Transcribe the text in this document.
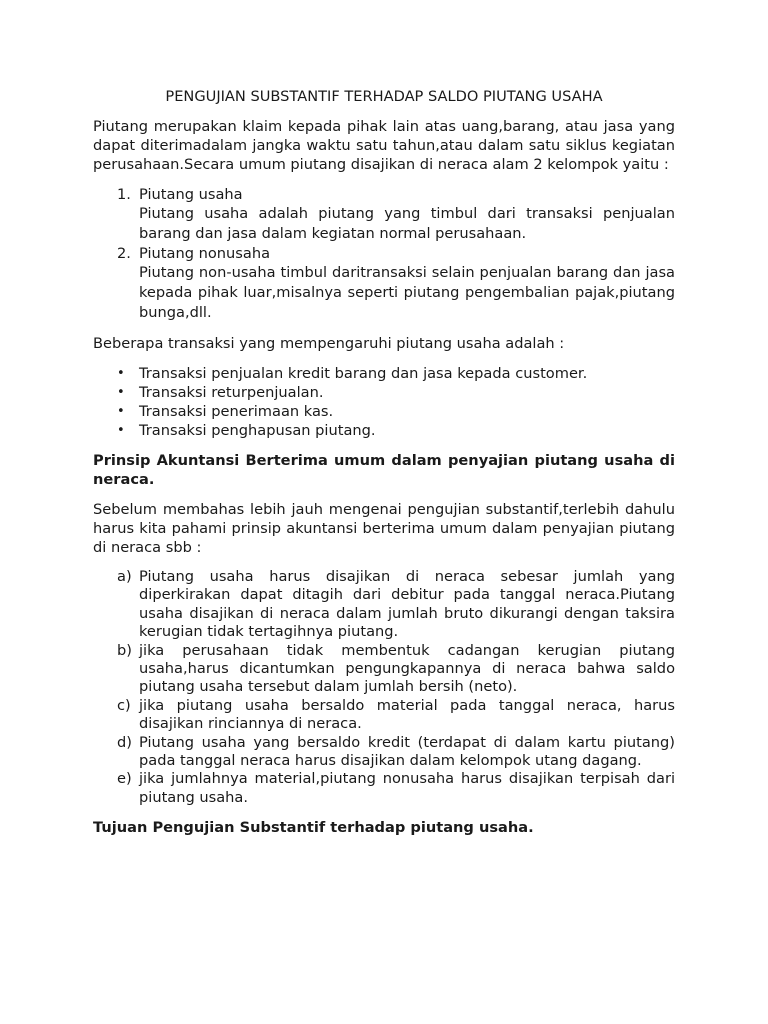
PENGUJIAN SUBSTANTIF TERHADAP SALDO PIUTANG USAHA

Piutang merupakan klaim kepada pihak lain atas uang,barang, atau jasa yang dapat diterimadalam jangka waktu satu tahun,atau dalam satu siklus kegiatan perusahaan.Secara umum piutang disajikan di neraca alam 2 kelompok yaitu :

1. Piutang usaha
Piutang usaha adalah piutang yang timbul dari transaksi penjualan barang dan jasa dalam kegiatan normal perusahaan.
2. Piutang nonusaha
Piutang non-usaha timbul daritransaksi selain penjualan barang dan jasa kepada pihak luar,misalnya seperti piutang pengembalian pajak,piutang bunga,dll.

Beberapa transaksi yang mempengaruhi piutang usaha adalah :

• Transaksi penjualan kredit barang dan jasa kepada customer.
• Transaksi returpenjualan.
• Transaksi penerimaan kas.
• Transaksi penghapusan piutang.

Prinsip Akuntansi Berterima umum dalam penyajian piutang usaha di neraca.

Sebelum membahas lebih jauh mengenai pengujian substantif,terlebih dahulu harus kita pahami prinsip akuntansi berterima umum dalam penyajian piutang di neraca sbb :

a) Piutang usaha harus disajikan di neraca sebesar jumlah yang diperkirakan dapat ditagih dari debitur pada tanggal neraca.Piutang usaha disajikan di neraca dalam jumlah bruto dikurangi dengan taksira kerugian tidak tertagihnya piutang.
b) jika perusahaan tidak membentuk cadangan kerugian piutang usaha,harus dicantumkan pengungkapannya di neraca bahwa saldo piutang usaha tersebut dalam jumlah bersih (neto).
c) jika piutang usaha bersaldo material pada tanggal neraca, harus disajikan rinciannya di neraca.
d) Piutang usaha yang bersaldo kredit (terdapat di dalam kartu piutang) pada tanggal neraca harus disajikan dalam kelompok utang dagang.
e) jika jumlahnya material,piutang nonusaha harus disajikan terpisah dari piutang usaha.

Tujuan Pengujian Substantif terhadap piutang usaha.
